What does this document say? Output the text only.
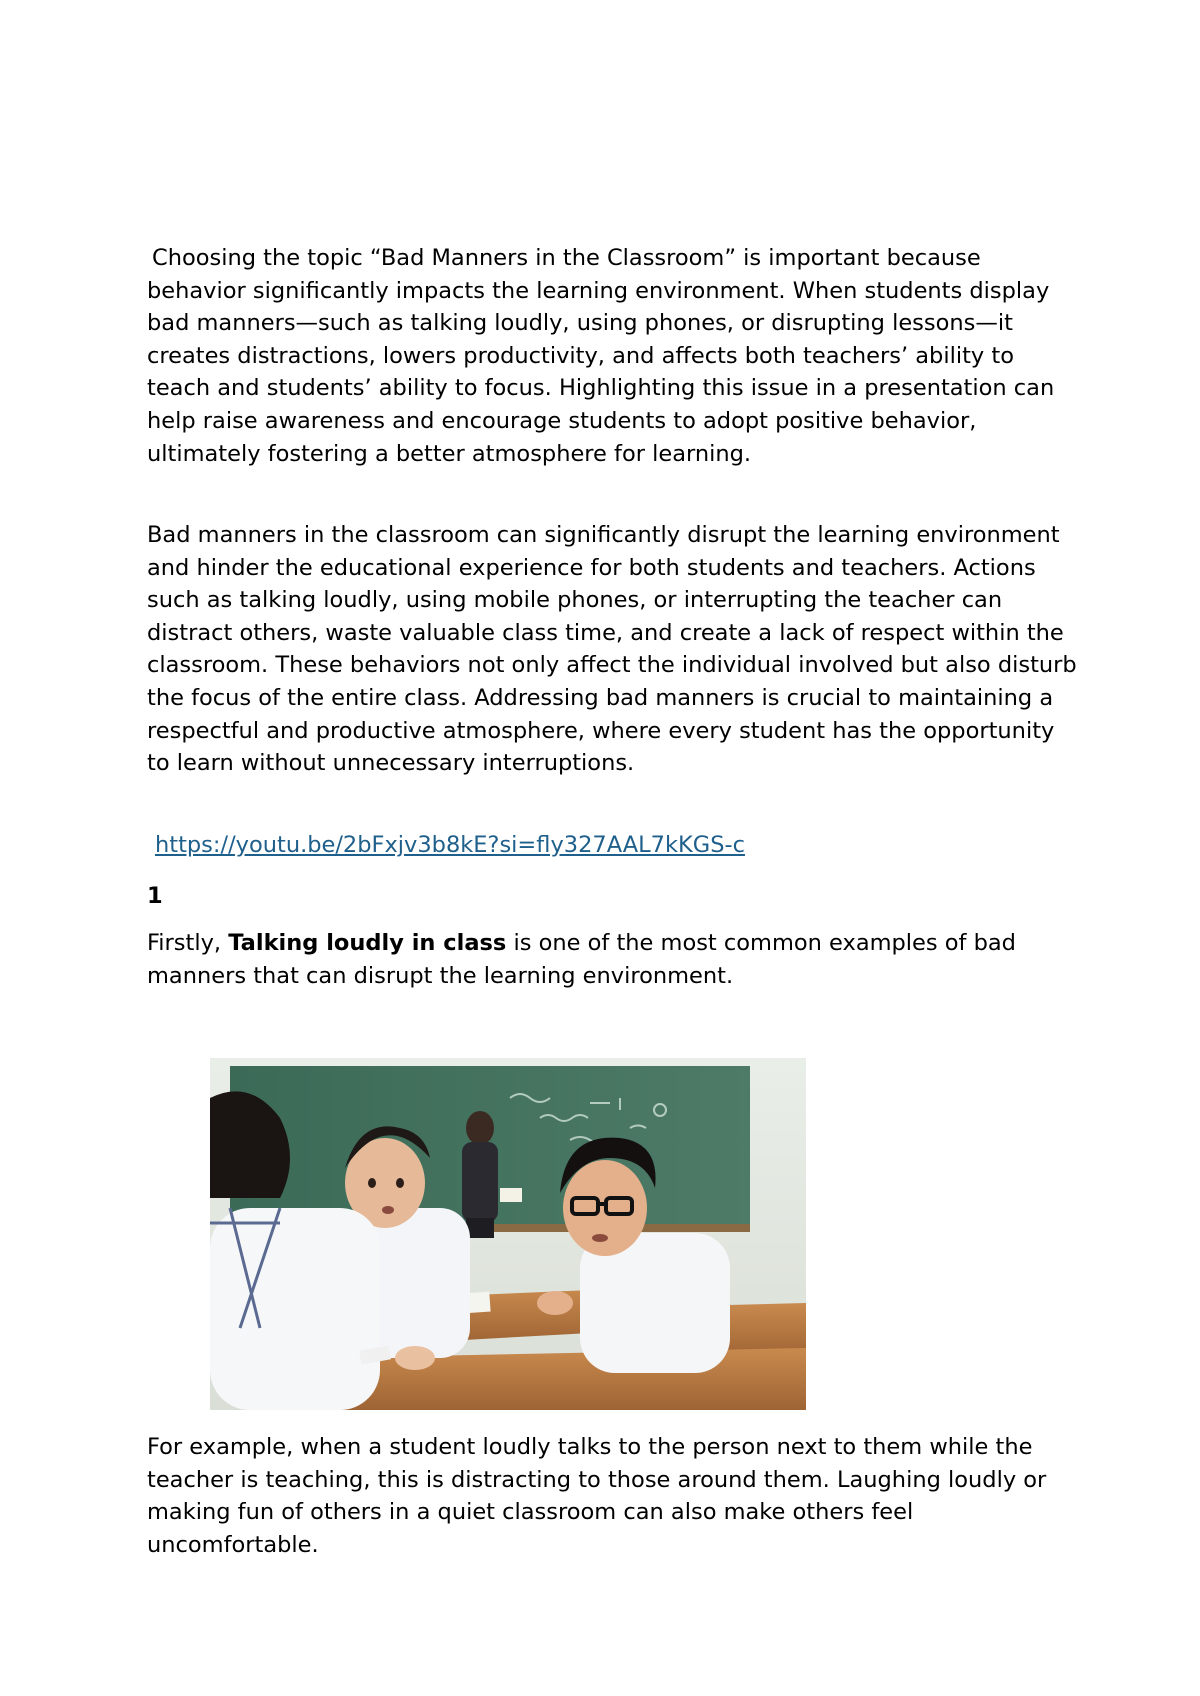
Choosing the topic “Bad Manners in the Classroom” is important because behavior significantly impacts the learning environment. When students display bad manners—such as talking loudly, using phones, or disrupting lessons—it creates distractions, lowers productivity, and affects both teachers’ ability to teach and students’ ability to focus. Highlighting this issue in a presentation can help raise awareness and encourage students to adopt positive behavior, ultimately fostering a better atmosphere for learning.

Bad manners in the classroom can significantly disrupt the learning environment and hinder the educational experience for both students and teachers. Actions such as talking loudly, using mobile phones, or interrupting the teacher can distract others, waste valuable class time, and create a lack of respect within the classroom. These behaviors not only affect the individual involved but also disturb the focus of the entire class. Addressing bad manners is crucial to maintaining a respectful and productive atmosphere, where every student has the opportunity to learn without unnecessary interruptions.

https://youtu.be/2bFxjv3b8kE?si=fly327AAL7kKGS-c
1

Firstly, Talking loudly in class is one of the most common examples of bad manners that can disrupt the learning environment.

For example, when a student loudly talks to the person next to them while the teacher is teaching, this is distracting to those around them. Laughing loudly or making fun of others in a quiet classroom can also make others feel uncomfortable.
